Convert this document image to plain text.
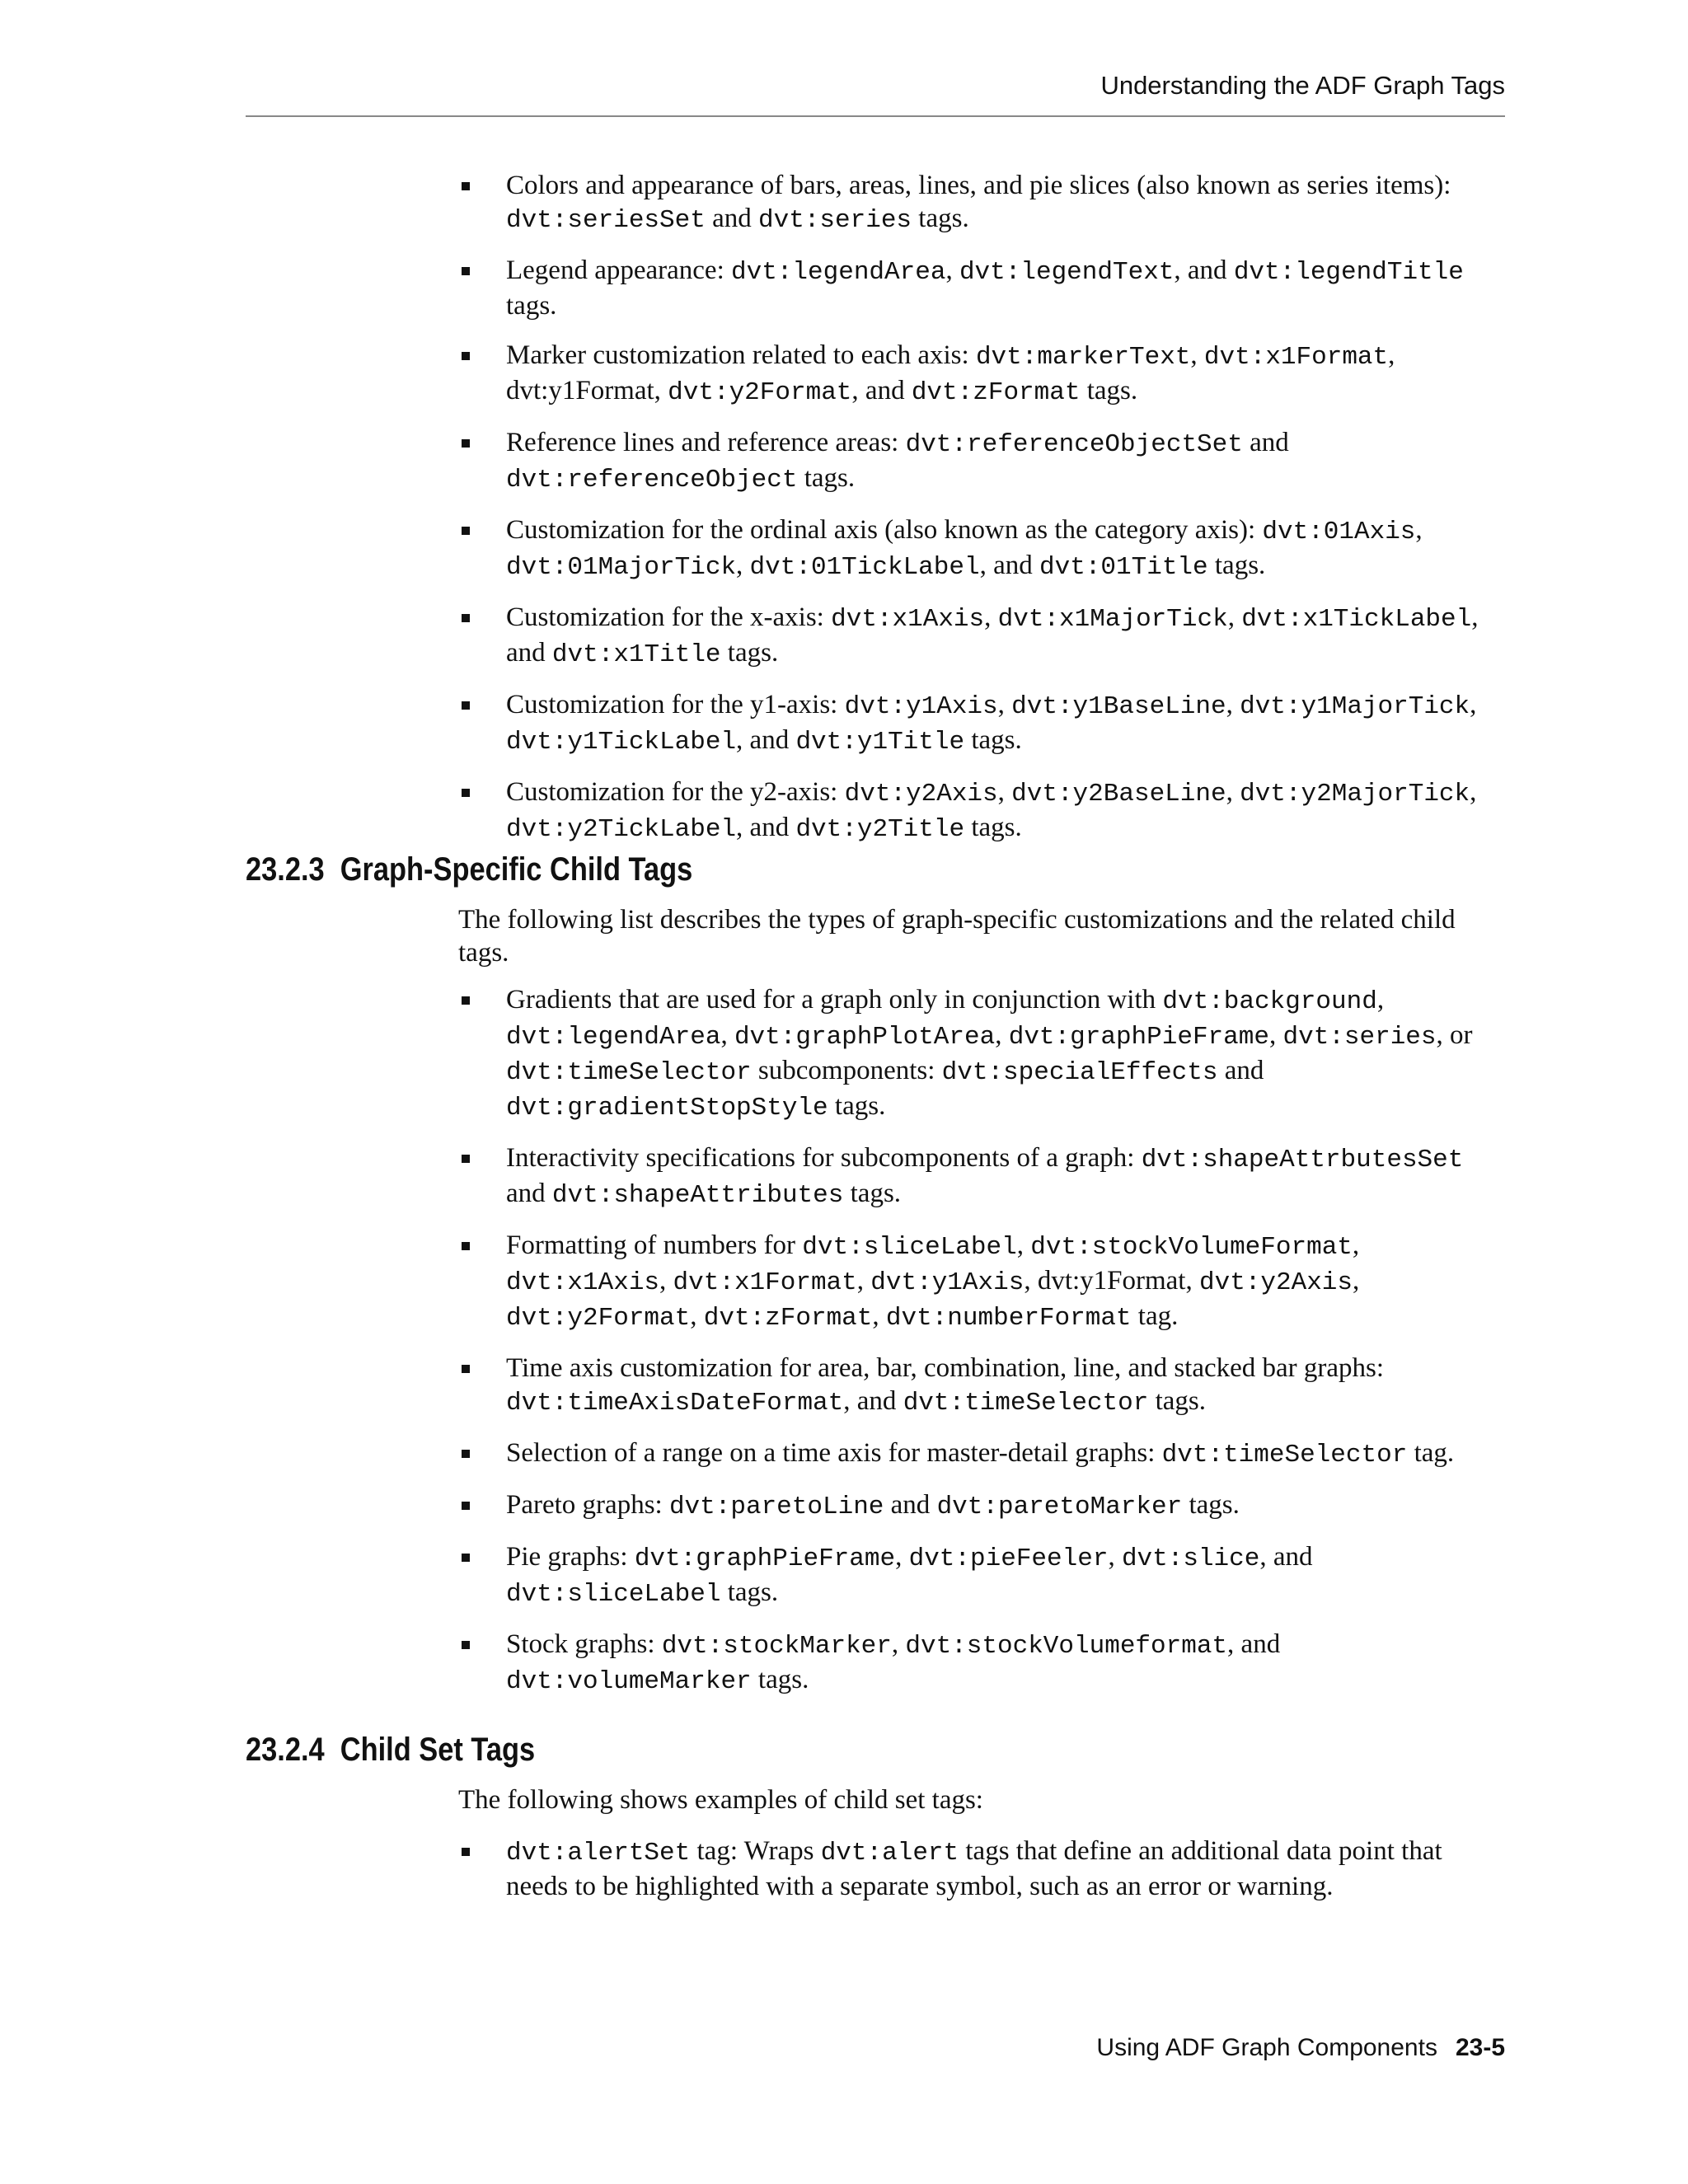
Understanding the ADF Graph Tags
Colors and appearance of bars, areas, lines, and pie slices (also known as series items): dvt:seriesSet and dvt:series tags.
Legend appearance: dvt:legendArea, dvt:legendText, and dvt:legendTitle tags.
Marker customization related to each axis: dvt:markerText, dvt:x1Format, dvt:y1Format, dvt:y2Format, and dvt:zFormat tags.
Reference lines and reference areas: dvt:referenceObjectSet and dvt:referenceObject tags.
Customization for the ordinal axis (also known as the category axis): dvt:01Axis, dvt:01MajorTick, dvt:01TickLabel, and dvt:01Title tags.
Customization for the x-axis: dvt:x1Axis, dvt:x1MajorTick, dvt:x1TickLabel, and dvt:x1Title tags.
Customization for the y1-axis: dvt:y1Axis, dvt:y1BaseLine, dvt:y1MajorTick, dvt:y1TickLabel, and dvt:y1Title tags.
Customization for the y2-axis: dvt:y2Axis, dvt:y2BaseLine, dvt:y2MajorTick, dvt:y2TickLabel, and dvt:y2Title tags.
23.2.3  Graph-Specific Child Tags

The following list describes the types of graph-specific customizations and the related child tags.

Gradients that are used for a graph only in conjunction with dvt:background, dvt:legendArea, dvt:graphPlotArea, dvt:graphPieFrame, dvt:series, or dvt:timeSelector subcomponents: dvt:specialEffects and dvt:gradientStopStyle tags.
Interactivity specifications for subcomponents of a graph: dvt:shapeAttrbutesSet and dvt:shapeAttributes tags.
Formatting of numbers for dvt:sliceLabel, dvt:stockVolumeFormat, dvt:x1Axis, dvt:x1Format, dvt:y1Axis, dvt:y1Format, dvt:y2Axis, dvt:y2Format, dvt:zFormat, dvt:numberFormat tag.
Time axis customization for area, bar, combination, line, and stacked bar graphs: dvt:timeAxisDateFormat, and dvt:timeSelector tags.
Selection of a range on a time axis for master-detail graphs: dvt:timeSelector tag.
Pareto graphs: dvt:paretoLine and dvt:paretoMarker tags.
Pie graphs: dvt:graphPieFrame, dvt:pieFeeler, dvt:slice, and dvt:sliceLabel tags.
Stock graphs: dvt:stockMarker, dvt:stockVolumeformat, and dvt:volumeMarker tags.
23.2.4  Child Set Tags

The following shows examples of child set tags:

dvt:alertSet tag: Wraps dvt:alert tags that define an additional data point that needs to be highlighted with a separate symbol, such as an error or warning.
Using ADF Graph Components 23-5
